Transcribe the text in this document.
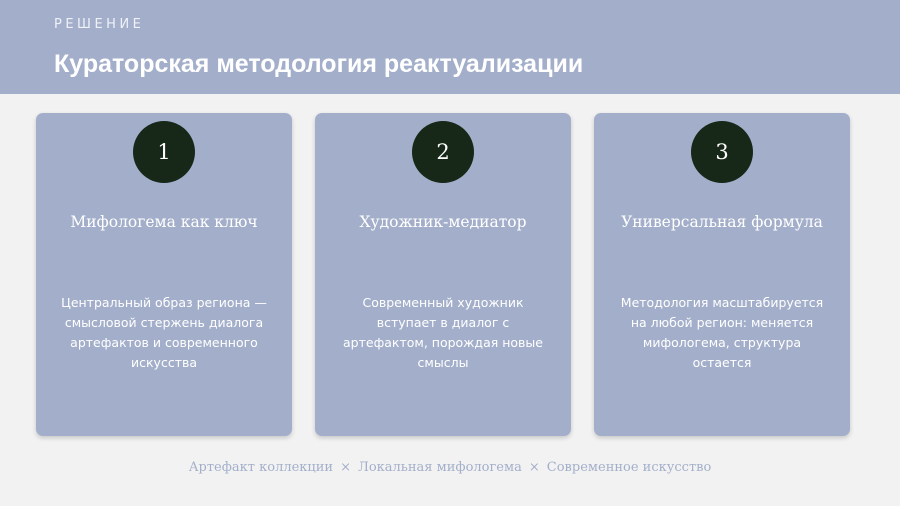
РЕШЕНИЕ
Кураторская методология реактуализации
1
Мифологема как ключ
Центральный образ региона — смысловой стержень диалога артефактов и современного искусства
2
Художник-медиатор
Современный художник вступает в диалог с артефактом, порождая новые смыслы
3
Универсальная формула
Методология масштабируется на любой регион: меняется мифологема, структура остается
Артефакт коллекции × Локальная мифологема × Современное искусство
